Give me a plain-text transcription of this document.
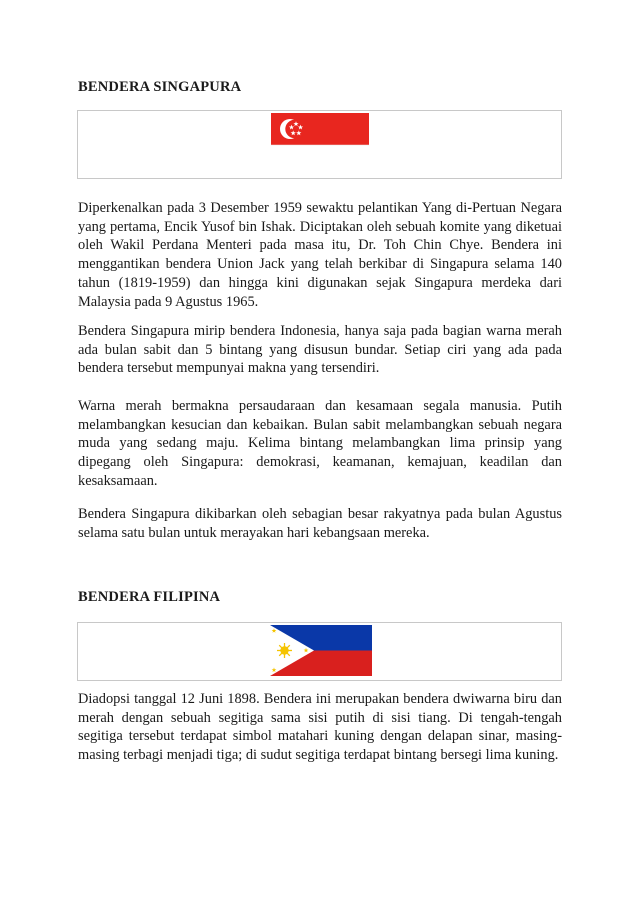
BENDERA SINGAPURA

Diperkenalkan pada 3 Desember 1959 sewaktu pelantikan Yang di-Pertuan Negara yang pertama, Encik Yusof bin Ishak. Diciptakan oleh sebuah komite yang diketuai oleh Wakil Perdana Menteri pada masa itu, Dr. Toh Chin Chye. Bendera ini menggantikan bendera Union Jack yang telah berkibar di Singapura selama 140 tahun (1819-1959) dan hingga kini digunakan sejak Singapura merdeka dari Malaysia pada 9 Agustus 1965.

Bendera Singapura mirip bendera Indonesia, hanya saja pada bagian warna merah ada bulan sabit dan 5 bintang yang disusun bundar. Setiap ciri yang ada pada bendera tersebut mempunyai makna yang tersendiri.

Warna merah bermakna persaudaraan dan kesamaan segala manusia. Putih melambangkan kesucian dan kebaikan. Bulan sabit melambangkan sebuah negara muda yang sedang maju. Kelima bintang melambangkan lima prinsip yang dipegang oleh Singapura: demokrasi, keamanan, kemajuan, keadilan dan kesaksamaan.

Bendera Singapura dikibarkan oleh sebagian besar rakyatnya pada bulan Agustus selama satu bulan untuk merayakan hari kebangsaan mereka.

BENDERA FILIPINA

Diadopsi tanggal 12 Juni 1898. Bendera ini merupakan bendera dwiwarna biru dan merah dengan sebuah segitiga sama sisi putih di sisi tiang. Di tengah-tengah segitiga tersebut terdapat simbol matahari kuning dengan delapan sinar, masing-masing terbagi menjadi tiga; di sudut segitiga terdapat bintang bersegi lima kuning.
